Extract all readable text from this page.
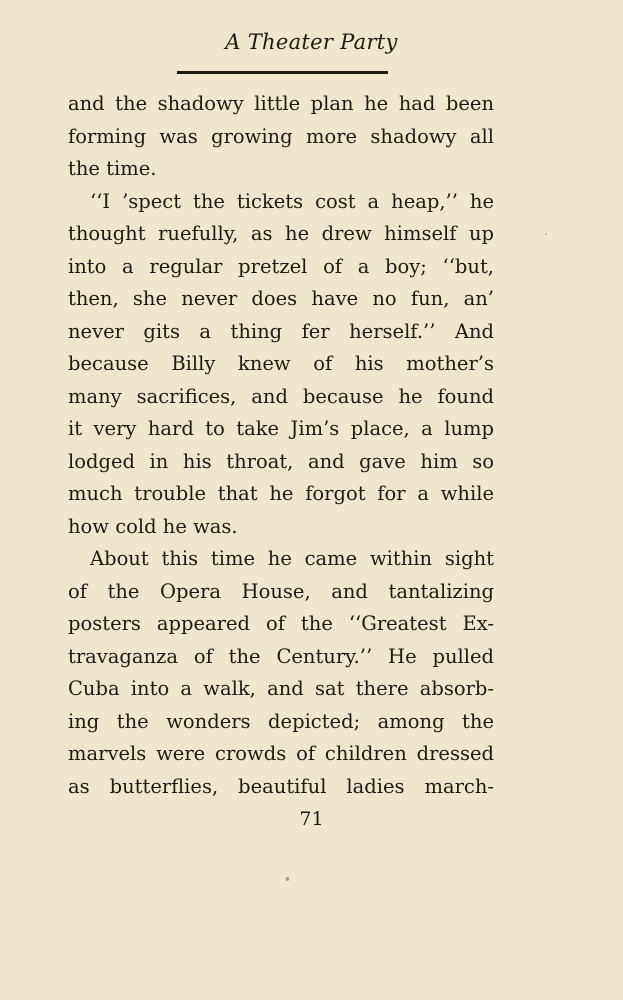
A Theater Party
and the shadowy little plan he had been
forming was growing more shadowy all
the time.
‘‘I ’spect the tickets cost a heap,’’ he
thought ruefully, as he drew himself up
into a regular pretzel of a boy; ‘‘but,
then, she never does have no fun, an’
never gits a thing fer herself.’’ And
because Billy knew of his mother’s
many sacrifices, and because he found
it very hard to take Jim’s place, a lump
lodged in his throat, and gave him so
much trouble that he forgot for a while
how cold he was.
About this time he came within sight
of the Opera House, and tantalizing
posters appeared of the ‘‘Greatest Ex-
travaganza of the Century.’’ He pulled
Cuba into a walk, and sat there absorb-
ing the wonders depicted; among the
marvels were crowds of children dressed
as butterflies, beautiful ladies march-
71
